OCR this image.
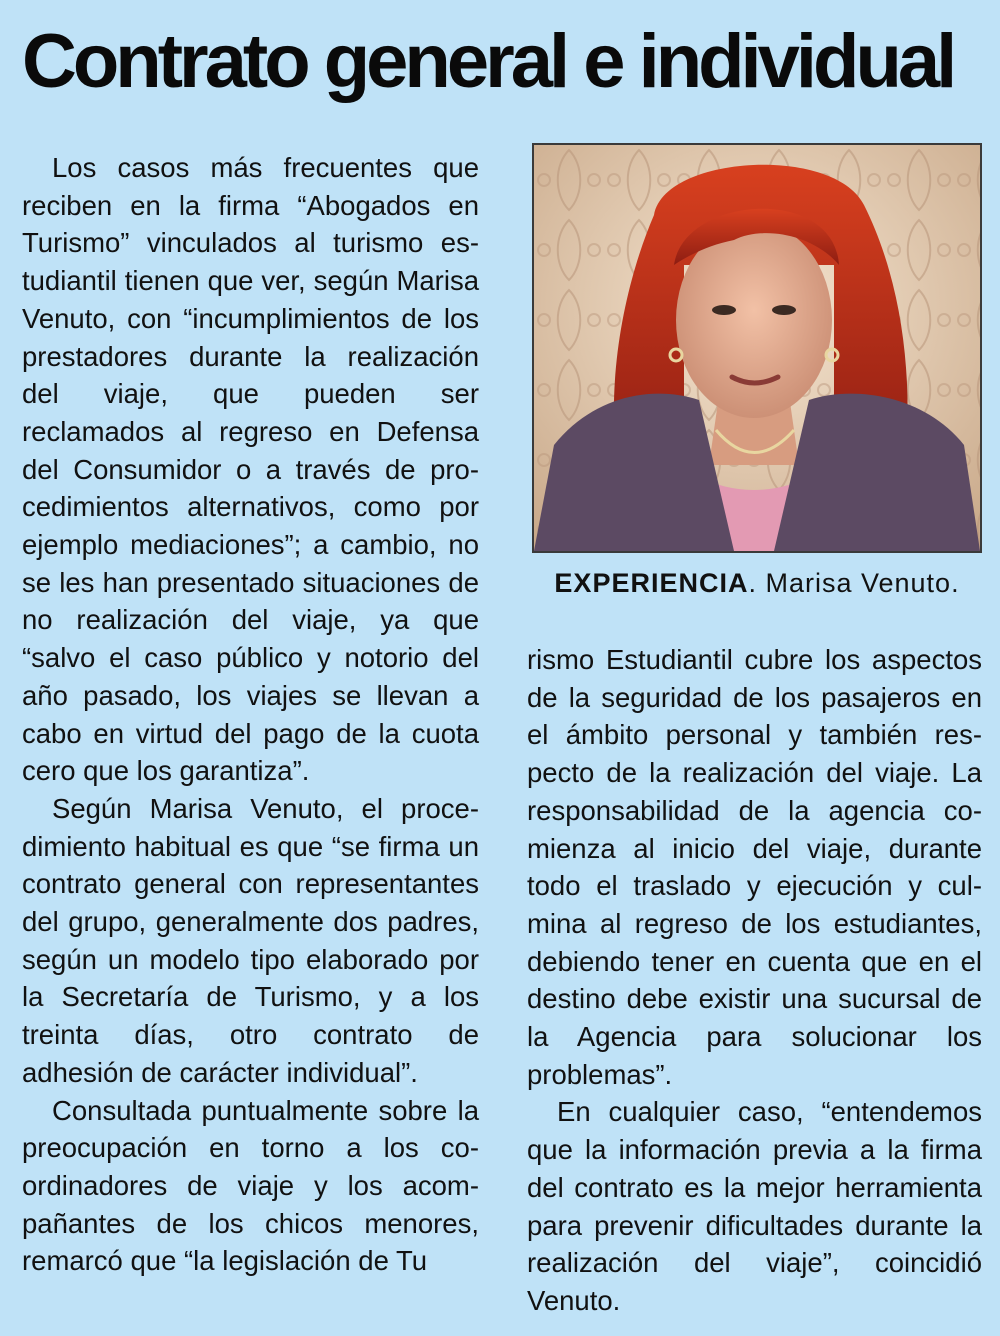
Contrato general e individual

Los casos más frecuentes que reciben en la firma “Abogados en Turismo” vinculados al turismo estudiantil tienen que ver, según Marisa Venuto, con “incumplimientos de los prestadores durante la realización del viaje, que pueden ser reclamados al regreso en Defensa del Consumidor o a través de procedimientos alternativos, como por ejemplo mediaciones”; a cambio, no se les han presentado situaciones de no realización del viaje, ya que “salvo el caso público y notorio del año pasado, los viajes se llevan a cabo en virtud del pago de la cuota cero que los garantiza”.

Según Marisa Venuto, el procedimiento habitual es que “se firma un contrato general con representantes del grupo, generalmente dos padres, según un modelo tipo elaborado por la Secretaría de Turismo, y a los treinta días, otro contrato de adhesión de carácter individual”.

Consultada puntualmente sobre la preocupación en torno a los coordinadores de viaje y los acompañantes de los chicos menores, remarcó que “la legislación de Tu

EXPERIENCIA. Marisa Venuto.

rismo Estudiantil cubre los aspectos de la seguridad de los pasajeros en el ámbito personal y también respecto de la realización del viaje. La responsabilidad de la agencia comienza al inicio del viaje, durante todo el traslado y ejecución y culmina al regreso de los estudiantes, debiendo tener en cuenta que en el destino debe existir una sucursal de la Agencia para solucionar los problemas”.

En cualquier caso, “entendemos que la información previa a la firma del contrato es la mejor herramienta para prevenir dificultades durante la realización del viaje”, coincidió Venuto.
